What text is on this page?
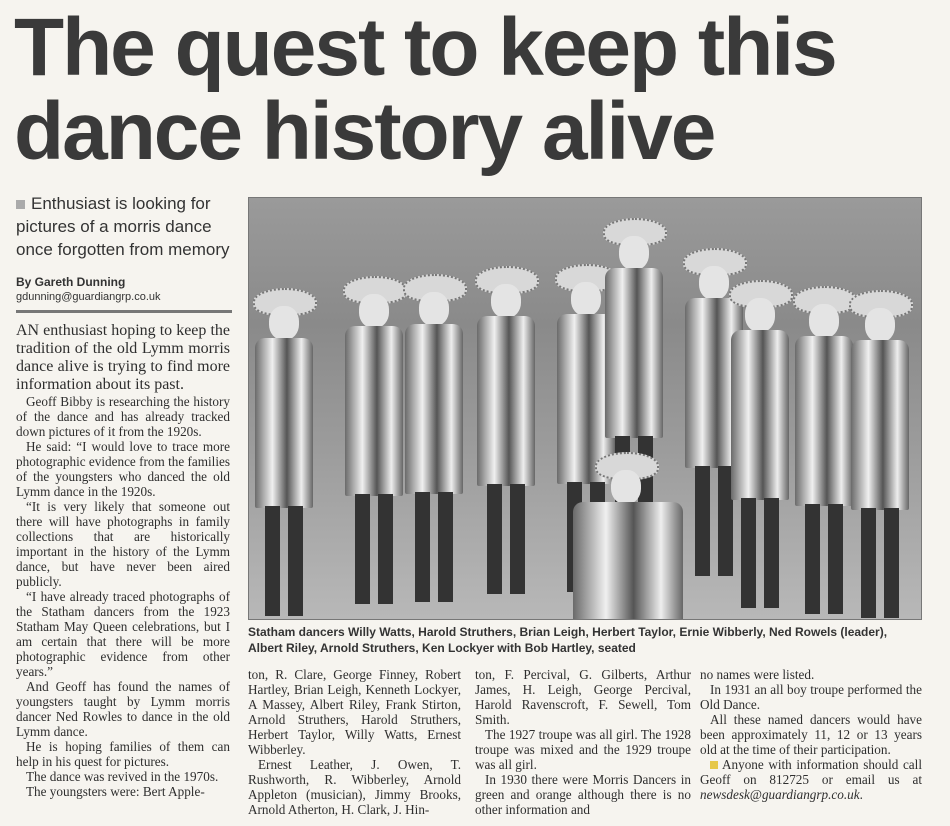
The quest to keep this
dance history alive
Enthusiast is looking for pictures of a morris dance once forgotten from memory
By Gareth Dunning
gdunning@guardiangrp.co.uk

AN enthusiast hoping to keep the tradition of the old Lymm morris dance alive is trying to find more information about its past.

Geoff Bibby is researching the history of the dance and has already tracked down pictures of it from the 1920s.

He said: “I would love to trace more photographic evidence from the families of the youngsters who danced the old Lymm dance in the 1920s.

“It is very likely that someone out there will have photographs in family collections that are historically important in the history of the Lymm dance, but have never been aired publicly.

“I have already traced photographs of the Statham dancers from the 1923 Statham May Queen celebrations, but I am certain that there will be more photographic evidence from other years.”

And Geoff has found the names of youngsters taught by Lymm morris dancer Ned Rowles to dance in the old Lymm dance.

He is hoping families of them can help in his quest for pictures.

The dance was revived in the 1970s.

The youngsters were: Bert Apple-

Statham dancers Willy Watts, Harold Struthers, Brian Leigh, Herbert Taylor, Ernie Wibberly, Ned Rowels (leader), Albert Riley, Arnold Struthers, Ken Lockyer with Bob Hartley, seated

ton, R. Clare, George Finney, Robert Hartley, Brian Leigh, Kenneth Lockyer, A Massey, Albert Riley, Frank Stirton, Arnold Struthers, Harold Struthers, Herbert Taylor, Willy Watts, Ernest Wibberley.

Ernest Leather, J. Owen, T. Rushworth, R. Wibberley, Arnold Appleton (musician), Jimmy Brooks, Arnold Atherton, H. Clark, J. Hin-

ton, F. Percival, G. Gilberts, Arthur James, H. Leigh, George Percival, Harold Ravenscroft, F. Sewell, Tom Smith.

The 1927 troupe was all girl. The 1928 troupe was mixed and the 1929 troupe was all girl.

In 1930 there were Morris Dancers in green and orange although there is no other information and

no names were listed.

In 1931 an all boy troupe performed the Old Dance.

All these named dancers would have been approximately 11, 12 or 13 years old at the time of their participation.

Anyone with information should call Geoff on 812725 or email us at newsdesk@guardiangrp.co.uk.
